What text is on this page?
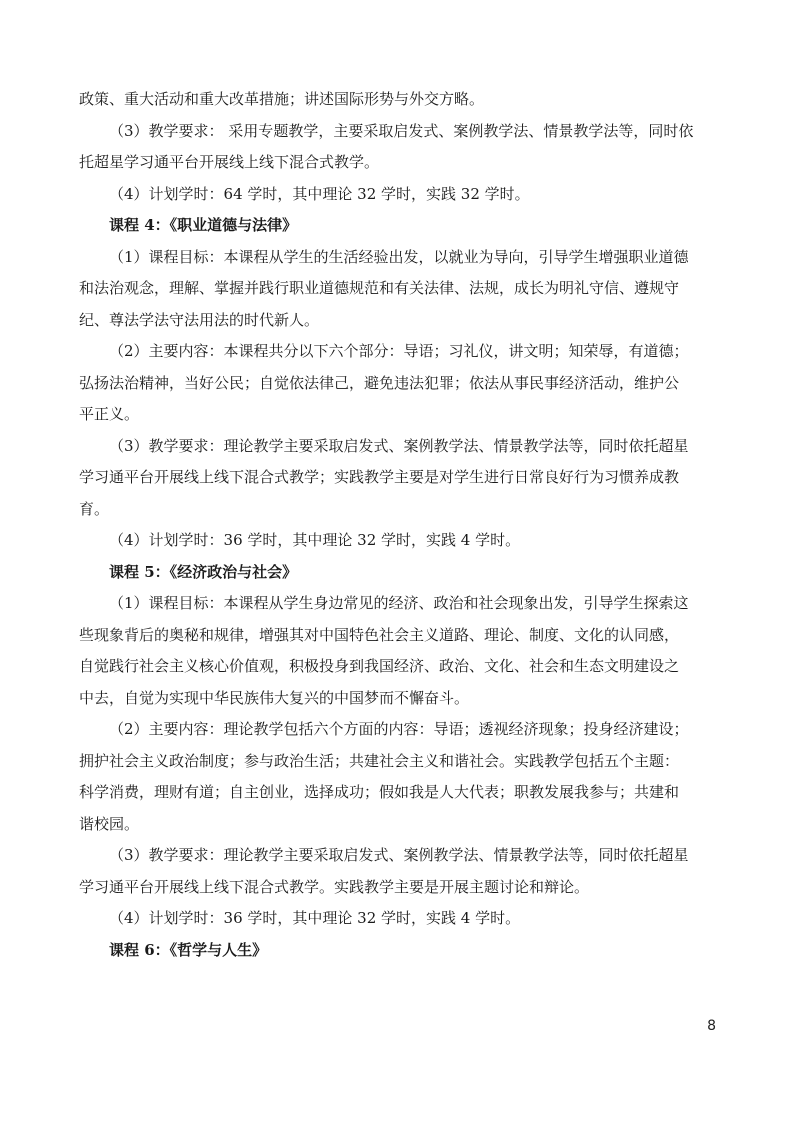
政策、重大活动和重大改革措施；讲述国际形势与外交方略。
（3）教学要求： 采用专题教学，主要采取启发式、案例教学法、情景教学法等，同时依
托超星学习通平台开展线上线下混合式教学。
（4）计划学时：64 学时，其中理论 32 学时，实践 32 学时。
课程 4：《职业道德与法律》
（1）课程目标：本课程从学生的生活经验出发，以就业为导向，引导学生增强职业道德
和法治观念，理解、掌握并践行职业道德规范和有关法律、法规，成长为明礼守信、遵规守
纪、尊法学法守法用法的时代新人。
（2）主要内容：本课程共分以下六个部分：导语；习礼仪，讲文明；知荣辱，有道德；
弘扬法治精神，当好公民；自觉依法律己，避免违法犯罪；依法从事民事经济活动，维护公
平正义。
（3）教学要求：理论教学主要采取启发式、案例教学法、情景教学法等，同时依托超星
学习通平台开展线上线下混合式教学；实践教学主要是对学生进行日常良好行为习惯养成教
育。
（4）计划学时：36 学时，其中理论 32 学时，实践 4 学时。
课程 5：《经济政治与社会》
（1）课程目标：本课程从学生身边常见的经济、政治和社会现象出发，引导学生探索这
些现象背后的奥秘和规律，增强其对中国特色社会主义道路、理论、制度、文化的认同感，
自觉践行社会主义核心价值观，积极投身到我国经济、政治、文化、社会和生态文明建设之
中去，自觉为实现中华民族伟大复兴的中国梦而不懈奋斗。
（2）主要内容：理论教学包括六个方面的内容：导语；透视经济现象；投身经济建设；
拥护社会主义政治制度；参与政治生活；共建社会主义和谐社会。实践教学包括五个主题：
科学消费，理财有道；自主创业，选择成功；假如我是人大代表；职教发展我参与；共建和
谐校园。
（3）教学要求：理论教学主要采取启发式、案例教学法、情景教学法等，同时依托超星
学习通平台开展线上线下混合式教学。实践教学主要是开展主题讨论和辩论。
（4）计划学时：36 学时，其中理论 32 学时，实践 4 学时。
课程 6：《哲学与人生》
8
